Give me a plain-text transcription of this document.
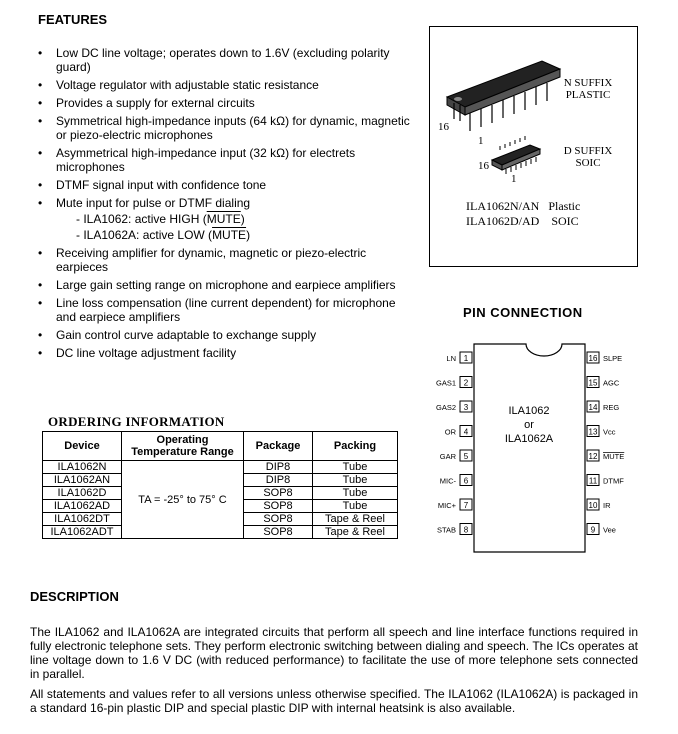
FEATURES
• Low DC line voltage; operates down to 1.6V (excluding polarity guard)
• Voltage regulator with adjustable static resistance
• Provides a supply for external circuits
• Symmetrical high-impedance inputs (64 kΩ) for dynamic, magnetic or piezo-electric microphones
• Asymmetrical high-impedance input (32 kΩ) for electrets microphones
• DTMF signal input with confidence tone
• Mute input for pulse or DTMF dialing
- ILA1062: active HIGH (MUTE)
- ILA1062A: active LOW (MUTE)
• Receiving amplifier for dynamic, magnetic or piezo-electric earpieces
• Large gain setting range on microphone and earpiece amplifiers
• Line loss compensation (line current dependent) for microphone and earpiece amplifiers
• Gain control curve adaptable to exchange supply
• DC line voltage adjustment facility
N SUFFIX
PLASTIC
D SUFFIX
SOIC
16
1
16
1
ILA1062N/AN Plastic
ILA1062D/AD SOIC
PIN CONNECTION
ILA1062
or
ILA1062A
1
LN
2
GAS1
3
GAS2
4
OR
5
GAR
6
MIC-
7
MIC+
8
STAB
16 SLPE
15 AGC
14 REG
13 Vcc
12 MUTE
11 DTMF
10 IR
9 Vee
ORDERING INFORMATION
Device	Operating
Temperature Range	Package	Packing
ILA1062N	TA = -25° to 75° C	DIP8	Tube
ILA1062AN		DIP8	Tube
ILA1062D		SOP8	Tube
ILA1062AD		SOP8	Tube
ILA1062DT		SOP8	Tape & Reel
ILA1062ADT		SOP8	Tape & Reel
DESCRIPTION
The ILA1062 and ILA1062A are integrated circuits that perform all speech and line interface functions required in fully electronic telephone sets. They perform electronic switching between dialing and speech. The ICs operates at line voltage down to 1.6 V DC (with reduced performance) to facilitate the use of more telephone sets connected in parallel.
All statements and values refer to all versions unless otherwise specified. The ILA1062 (ILA1062A) is packaged in a standard 16-pin plastic DIP and special plastic DIP with internal heatsink is also available.
